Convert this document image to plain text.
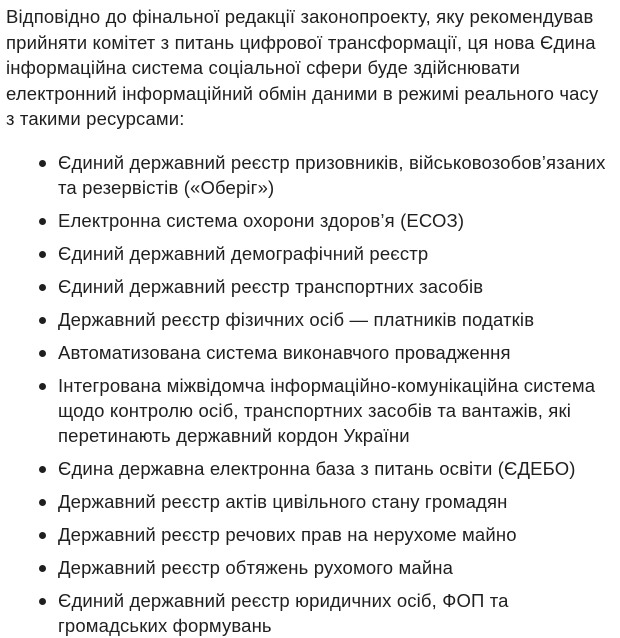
Відповідно до фінальної редакції законопроекту, яку рекомендував прийняти комітет з питань цифрової трансформації, ця нова Єдина інформаційна система соціальної сфери буде здійснювати електронний інформаційний обмін даними в режимі реального часу з такими ресурсами:

Єдиний державний реєстр призовників, військовозобов’язаних та резервістів («Оберіг»)
Електронна система охорони здоров’я (ЕСОЗ)
Єдиний державний демографічний реєстр
Єдиний державний реєстр транспортних засобів
Державний реєстр фізичних осіб — платників податків
Автоматизована система виконавчого провадження
Інтегрована міжвідомча інформаційно-комунікаційна система щодо контролю осіб, транспортних засобів та вантажів, які перетинають державний кордон України
Єдина державна електронна база з питань освіти (ЄДЕБО)
Державний реєстр актів цивільного стану громадян
Державний реєстр речових прав на нерухоме майно
Державний реєстр обтяжень рухомого майна
Єдиний державний реєстр юридичних осіб, ФОП та громадських формувань
